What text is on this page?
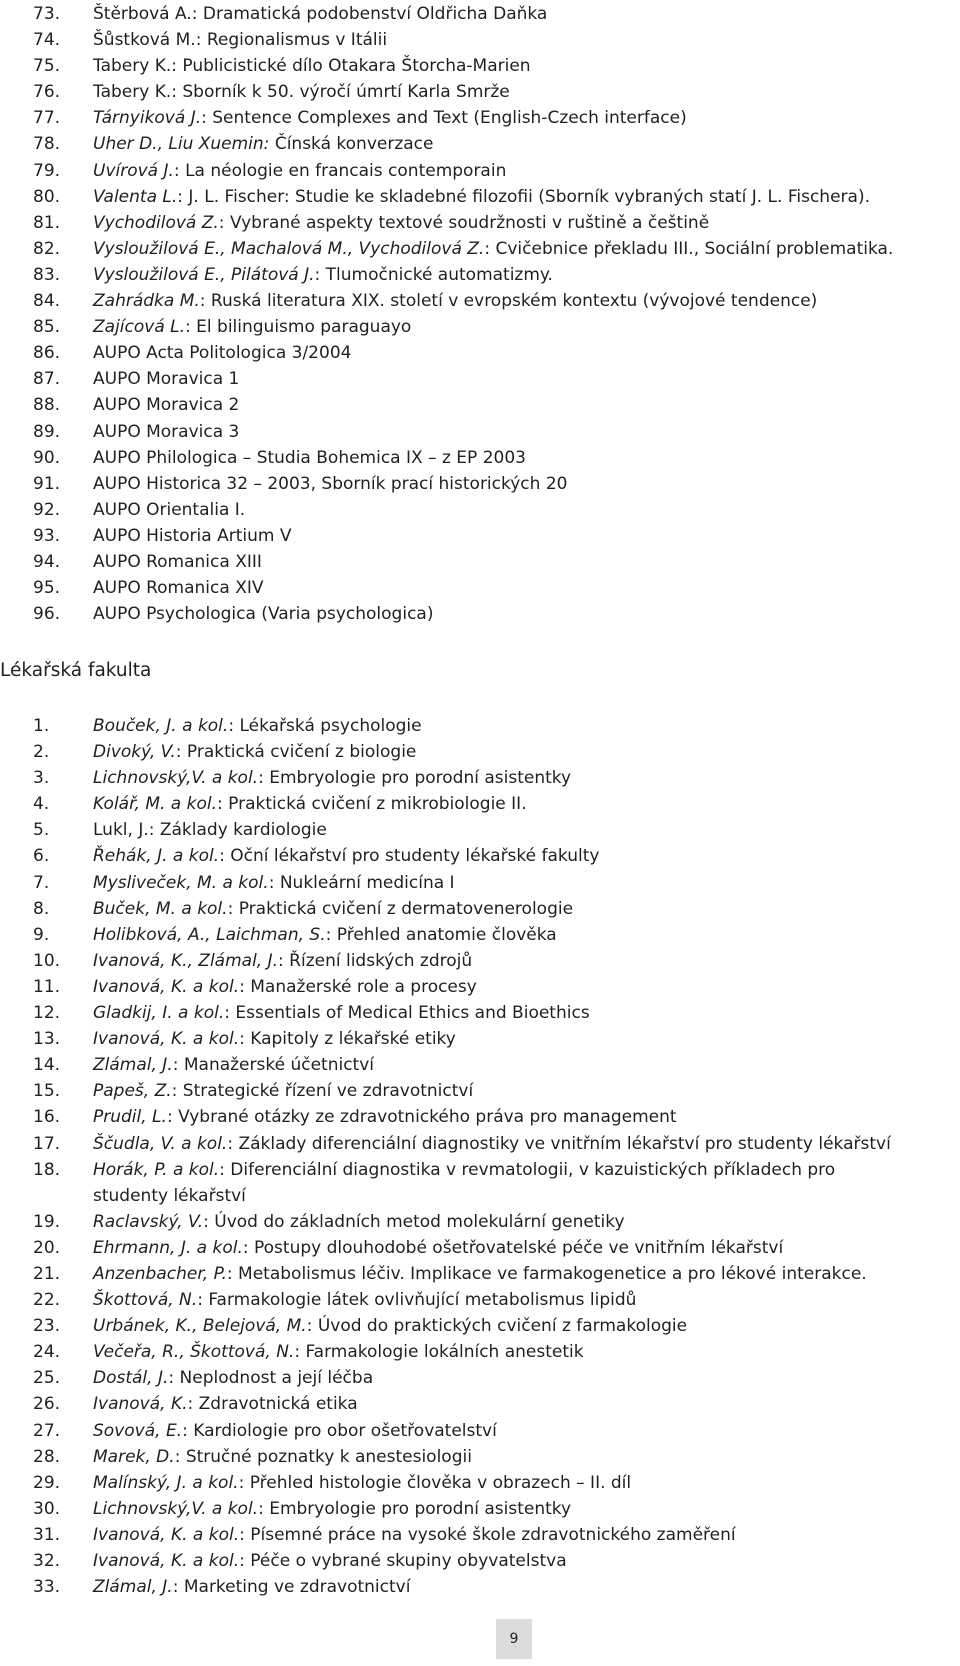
73.	Štěrbová A.: Dramatická podobenství Oldřicha Daňka
74.	Šůstková M.: Regionalismus v Itálii
75.	Tabery K.: Publicistické dílo Otakara Štorcha-Marien
76.	Tabery K.: Sborník k 50. výročí úmrtí Karla Smrže
77.	Tárnyiková J.: Sentence Complexes and Text (English-Czech interface)
78.	Uher D., Liu Xuemin: Čínská konverzace
79.	Uvírová J.: La néologie en francais contemporain
80.	Valenta L.: J. L. Fischer: Studie ke skladebné filozofii (Sborník vybraných statí J. L. Fischera).
81.	Vychodilová Z.: Vybrané aspekty textové soudržnosti v ruštině a češtině
82.	Vysloužilová E., Machalová M., Vychodilová Z.: Cvičebnice překladu III., Sociální problematika.
83.	Vysloužilová E., Pilátová J.: Tlumočnické automatizmy.
84.	Zahrádka M.: Ruská literatura XIX. století v evropském kontextu (vývojové tendence)
85.	Zajícová L.: El bilinguismo paraguayo
86.	AUPO Acta Politologica 3/2004
87.	AUPO Moravica 1
88.	AUPO Moravica 2
89.	AUPO Moravica 3
90.	AUPO Philologica – Studia Bohemica IX – z EP 2003
91.	AUPO Historica 32 – 2003, Sborník prací historických 20
92.	AUPO Orientalia I.
93.	AUPO Historia Artium V
94.	AUPO Romanica XIII
95.	AUPO Romanica XIV
96.	AUPO Psychologica (Varia psychologica)
Lékařská fakulta
1.	Bouček, J. a kol.: Lékařská psychologie
2.	Divoký, V.: Praktická cvičení z biologie
3.	Lichnovský,V. a kol.: Embryologie pro porodní asistentky
4.	Kolář, M. a kol.: Praktická cvičení z mikrobiologie II.
5.	Lukl, J.: Základy kardiologie
6.	Řehák, J. a kol.: Oční lékařství pro studenty lékařské fakulty
7.	Mysliveček, M. a kol.: Nukleární medicína I
8.	Buček, M. a kol.: Praktická cvičení z dermatovenerologie
9.	Holibková, A., Laichman, S.: Přehled anatomie člověka
10.	Ivanová, K., Zlámal, J.: Řízení lidských zdrojů
11.	Ivanová, K. a kol.: Manažerské role a procesy
12.	Gladkij, I. a kol.: Essentials of Medical Ethics and Bioethics
13.	Ivanová, K. a kol.: Kapitoly z lékařské etiky
14.	Zlámal, J.: Manažerské účetnictví
15.	Papeš, Z.: Strategické řízení ve zdravotnictví
16.	Prudil, L.: Vybrané otázky ze zdravotnického práva pro management
17.	Ščudla, V. a kol.: Základy diferenciální diagnostiky ve vnitřním lékařství pro studenty lékařství
18.	Horák, P. a kol.: Diferenciální diagnostika v revmatologii, v kazuistických příkladech pro studenty lékařství
19.	Raclavský, V.: Úvod do základních metod molekulární genetiky
20.	Ehrmann, J. a kol.: Postupy dlouhodobé ošetřovatelské péče ve vnitřním lékařství
21.	Anzenbacher, P.: Metabolismus léčiv. Implikace ve farmakogenetice a pro lékové interakce.
22.	Škottová, N.: Farmakologie látek ovlivňující metabolismus lipidů
23.	Urbánek, K., Belejová, M.: Úvod do praktických cvičení z farmakologie
24.	Večeřa, R., Škottová, N.: Farmakologie lokálních anestetik
25.	Dostál, J.: Neplodnost a její léčba
26.	Ivanová, K.: Zdravotnická etika
27.	Sovová, E.: Kardiologie pro obor ošetřovatelství
28.	Marek, D.: Stručné poznatky k anestesiologii
29.	Malínský, J. a kol.: Přehled histologie člověka v obrazech – II. díl
30.	Lichnovský,V. a kol.: Embryologie pro porodní asistentky
31.	Ivanová, K. a kol.: Písemné práce na vysoké škole zdravotnického zaměření
32.	Ivanová, K. a kol.: Péče o vybrané skupiny obyvatelstva
33.	Zlámal, J.: Marketing ve zdravotnictví
9
